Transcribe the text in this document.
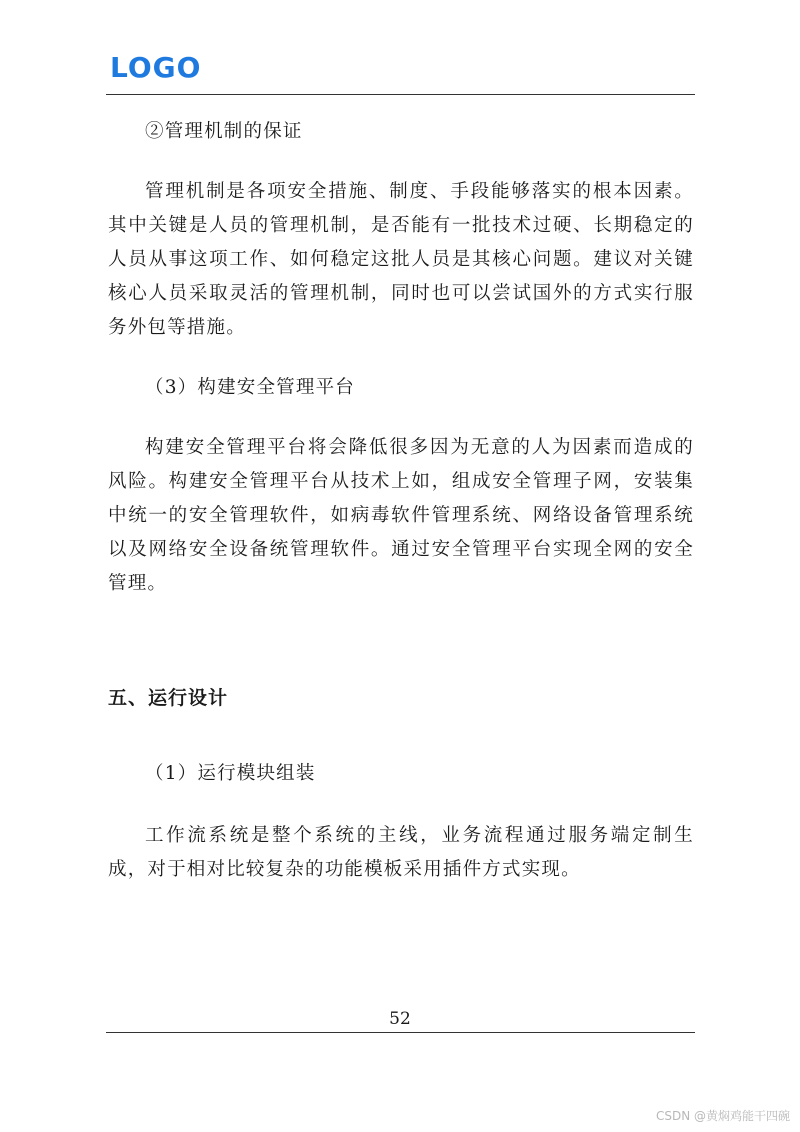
LOGO

②管理机制的保证

管理机制是各项安全措施、制度、手段能够落实的根本因素。其中关键是人员的管理机制，是否能有一批技术过硬、长期稳定的人员从事这项工作、如何稳定这批人员是其核心问题。建议对关键核心人员采取灵活的管理机制，同时也可以尝试国外的方式实行服务外包等措施。

（3）构建安全管理平台

构建安全管理平台将会降低很多因为无意的人为因素而造成的风险。构建安全管理平台从技术上如，组成安全管理子网，安装集中统一的安全管理软件，如病毒软件管理系统、网络设备管理系统以及网络安全设备统管理软件。通过安全管理平台实现全网的安全管理。

五、运行设计

（1）运行模块组装

工作流系统是整个系统的主线，业务流程通过服务端定制生成，对于相对比较复杂的功能模板采用插件方式实现。

52
CSDN @黄焖鸡能干四碗
